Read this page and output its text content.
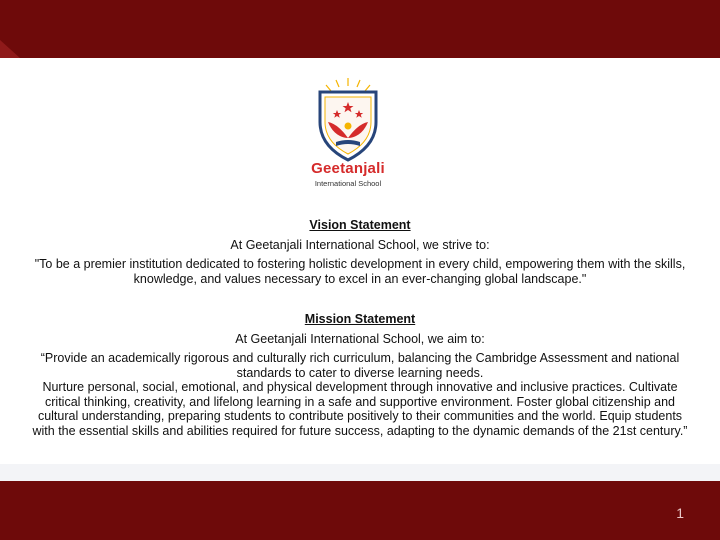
Geetanjali
International School
Vision Statement
At Geetanjali International School, we strive to:
"To be a premier institution dedicated to fostering holistic development in every child, empowering them with the skills, knowledge, and values necessary to excel in an ever-changing global landscape."
Mission Statement
At Geetanjali International School, we aim to:
“Provide an academically rigorous and culturally rich curriculum, balancing the Cambridge Assessment and national standards to cater to diverse learning needs.
Nurture personal, social, emotional, and physical development through innovative and inclusive practices. Cultivate critical thinking, creativity, and lifelong learning in a safe and supportive environment. Foster global citizenship and cultural understanding, preparing students to contribute positively to their communities and the world. Equip students with the essential skills and abilities required for future success, adapting to the dynamic demands of the 21st century.”
1
